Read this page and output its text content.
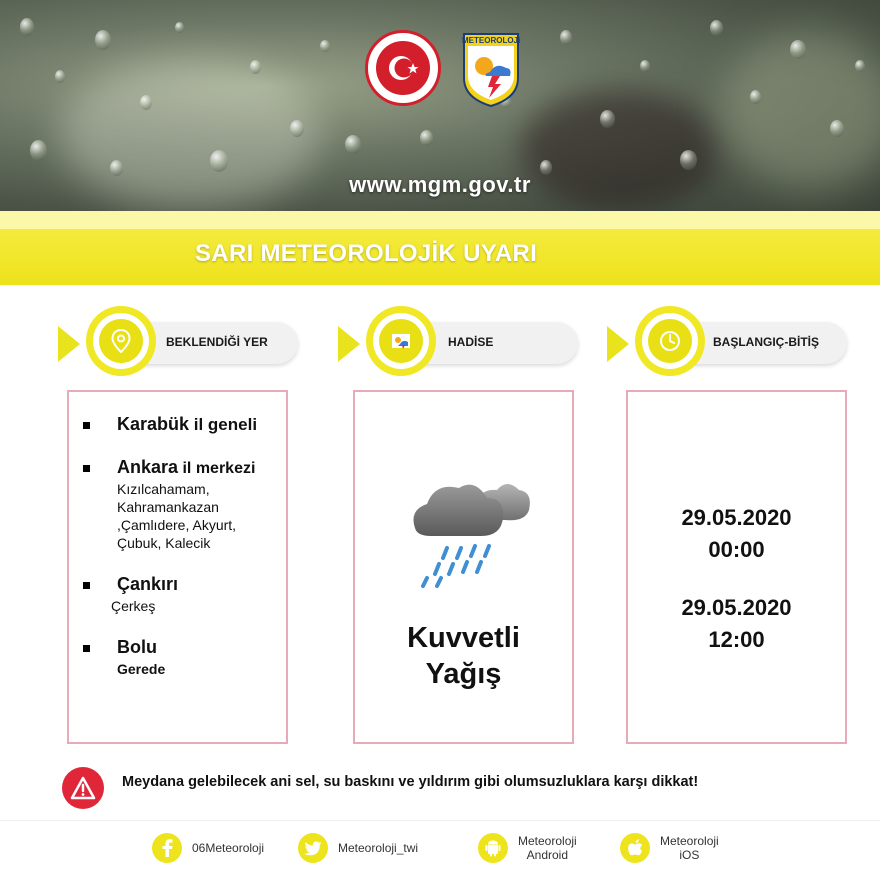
METEOROLOJi
www.mgm.gov.tr
SARI METEOROLOJİK UYARI
BEKLENDİĞİ YER	HADİSE	BAŞLANGIÇ-BİTİŞ
Karabük il geneli
Ankara il merkezi
Kızılcahamam,
Kahramankazan
,Çamlıdere, Akyurt,
Çubuk, Kalecik
Çankırı
Çerkeş
Bolu
Gerede
Kuvvetli
Yağış
29.05.2020
00:00
29.05.2020
12:00
Meydana gelebilecek ani sel, su baskını ve yıldırım gibi olumsuzluklara karşı dikkat!
06Meteoroloji	Meteoroloji_twi	Meteoroloji
Android
Meteoroloji
iOS
